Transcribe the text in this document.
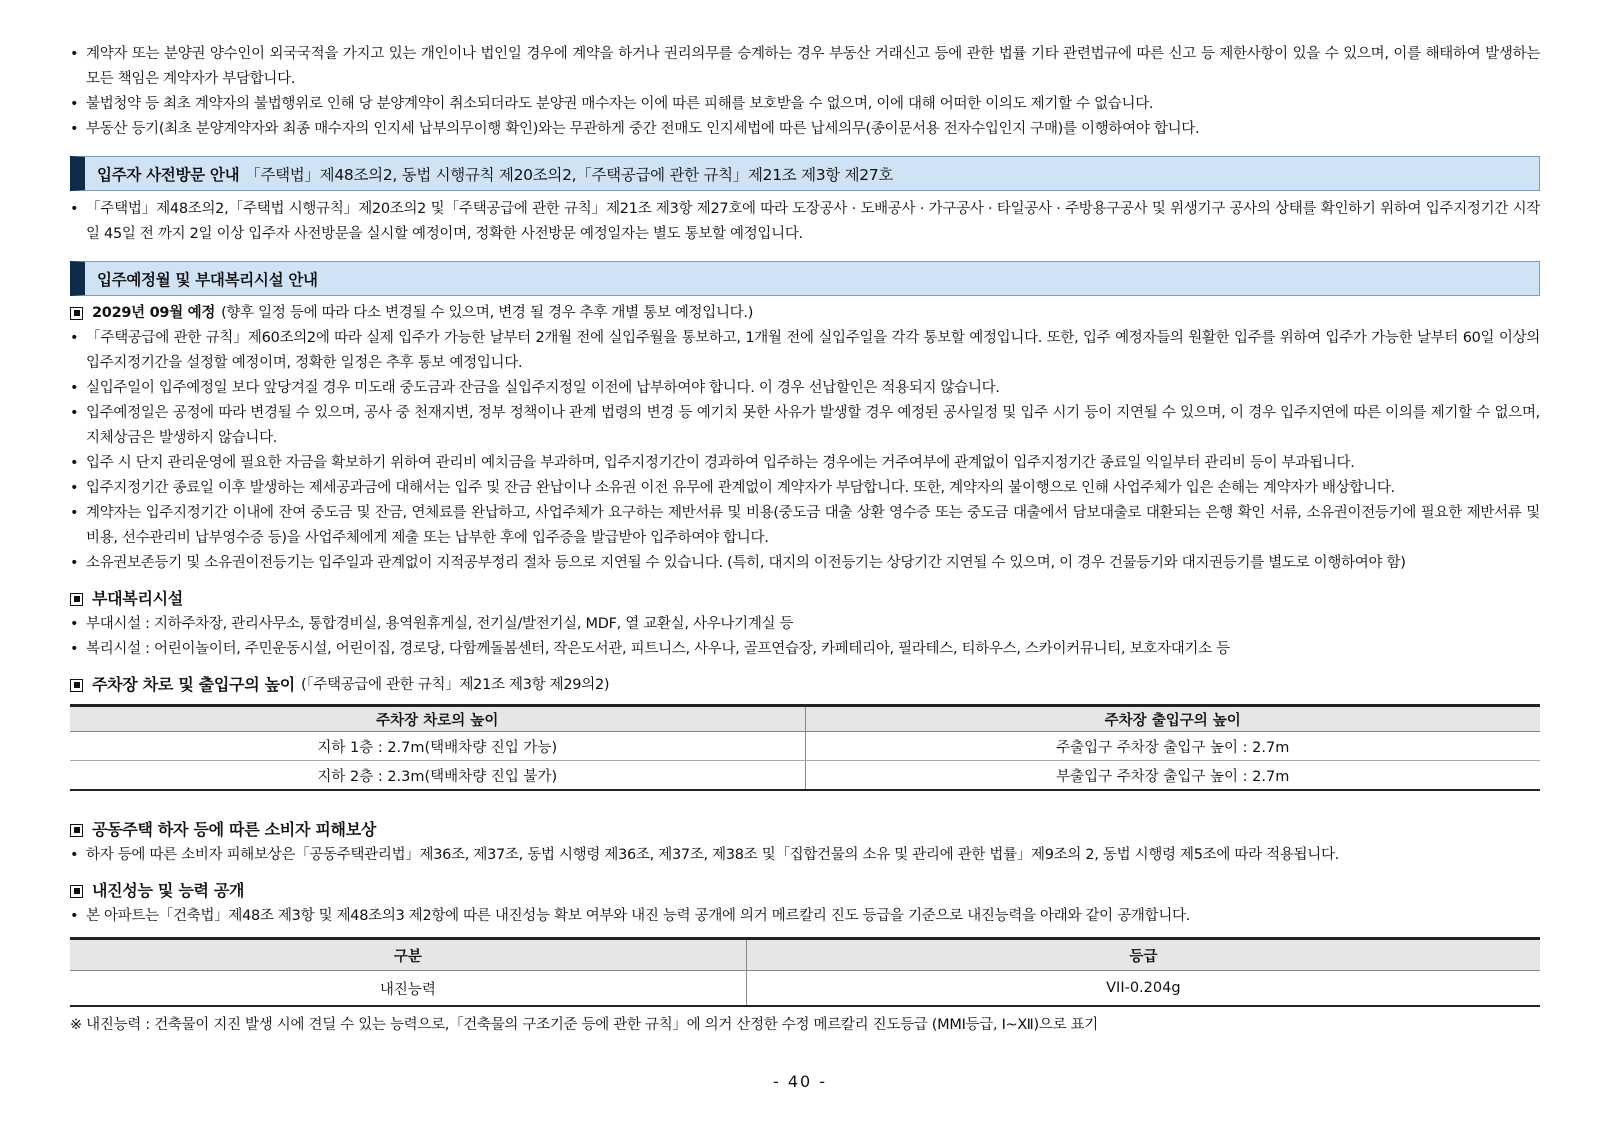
• 계약자 또는 분양권 양수인이 외국국적을 가지고 있는 개인이나 법인일 경우에 계약을 하거나 권리의무를 승계하는 경우 부동산 거래신고 등에 관한 법률 기타 관련법규에 따른 신고 등 제한사항이 있을 수 있으며, 이를 해태하여 발생하는 모든 책임은 계약자가 부담합니다.
• 불법청약 등 최초 계약자의 불법행위로 인해 당 분양계약이 취소되더라도 분양권 매수자는 이에 따른 피해를 보호받을 수 없으며, 이에 대해 어떠한 이의도 제기할 수 없습니다.
• 부동산 등기(최초 분양계약자와 최종 매수자의 인지세 납부의무이행 확인)와는 무관하게 중간 전매도 인지세법에 따른 납세의무(종이문서용 전자수입인지 구매)를 이행하여야 합니다.
입주자 사전방문 안내 「주택법」제48조의2, 동법 시행규칙 제20조의2,「주택공급에 관한 규칙」제21조 제3항 제27호
• 「주택법」제48조의2,「주택법 시행규칙」제20조의2 및「주택공급에 관한 규칙」제21조 제3항 제27호에 따라 도장공사 · 도배공사 · 가구공사 · 타일공사 · 주방용구공사 및 위생기구 공사의 상태를 확인하기 위하여 입주지정기간 시작일 45일 전 까지 2일 이상 입주자 사전방문을 실시할 예정이며, 정확한 사전방문 예정일자는 별도 통보할 예정입니다.
입주예정월 및 부대복리시설 안내
2029년 09월 예정 (향후 일정 등에 따라 다소 변경될 수 있으며, 변경 될 경우 추후 개별 통보 예정입니다.)
• 「주택공급에 관한 규칙」제60조의2에 따라 실제 입주가 가능한 날부터 2개월 전에 실입주월을 통보하고, 1개월 전에 실입주일을 각각 통보할 예정입니다. 또한, 입주 예정자들의 원활한 입주를 위하여 입주가 가능한 날부터 60일 이상의 입주지정기간을 설정할 예정이며, 정확한 일정은 추후 통보 예정입니다.
• 실입주일이 입주예정일 보다 앞당겨질 경우 미도래 중도금과 잔금을 실입주지정일 이전에 납부하여야 합니다. 이 경우 선납할인은 적용되지 않습니다.
• 입주예정일은 공정에 따라 변경될 수 있으며, 공사 중 천재지변, 정부 정책이나 관계 법령의 변경 등 예기치 못한 사유가 발생할 경우 예정된 공사일정 및 입주 시기 등이 지연될 수 있으며, 이 경우 입주지연에 따른 이의를 제기할 수 없으며, 지체상금은 발생하지 않습니다.
• 입주 시 단지 관리운영에 필요한 자금을 확보하기 위하여 관리비 예치금을 부과하며, 입주지정기간이 경과하여 입주하는 경우에는 거주여부에 관계없이 입주지정기간 종료일 익일부터 관리비 등이 부과됩니다.
• 입주지정기간 종료일 이후 발생하는 제세공과금에 대해서는 입주 및 잔금 완납이나 소유권 이전 유무에 관계없이 계약자가 부담합니다. 또한, 계약자의 불이행으로 인해 사업주체가 입은 손해는 계약자가 배상합니다.
• 계약자는 입주지정기간 이내에 잔여 중도금 및 잔금, 연체료를 완납하고, 사업주체가 요구하는 제반서류 및 비용(중도금 대출 상환 영수증 또는 중도금 대출에서 담보대출로 대환되는 은행 확인 서류, 소유권이전등기에 필요한 제반서류 및 비용, 선수관리비 납부영수증 등)을 사업주체에게 제출 또는 납부한 후에 입주증을 발급받아 입주하여야 합니다.
• 소유권보존등기 및 소유권이전등기는 입주일과 관계없이 지적공부정리 절차 등으로 지연될 수 있습니다. (특히, 대지의 이전등기는 상당기간 지연될 수 있으며, 이 경우 건물등기와 대지권등기를 별도로 이행하여야 함)
부대복리시설
• 부대시설 : 지하주차장, 관리사무소, 통합경비실, 용역원휴게실, 전기실/발전기실, MDF, 열 교환실, 사우나기계실 등
• 복리시설 : 어린이놀이터, 주민운동시설, 어린이집, 경로당, 다함께돌봄센터, 작은도서관, 피트니스, 사우나, 골프연습장, 카페테리아, 필라테스, 티하우스, 스카이커뮤니티, 보호자대기소 등
주차장 차로 및 출입구의 높이 (「주택공급에 관한 규칙」제21조 제3항 제29의2)
주차장 차로의 높이	주차장 출입구의 높이
지하 1층 : 2.7m(택배차량 진입 가능)	주출입구 주차장 출입구 높이 : 2.7m
지하 2층 : 2.3m(택배차량 진입 불가)	부출입구 주차장 출입구 높이 : 2.7m
공동주택 하자 등에 따른 소비자 피해보상
• 하자 등에 따른 소비자 피해보상은「공동주택관리법」제36조, 제37조, 동법 시행령 제36조, 제37조, 제38조 및「집합건물의 소유 및 관리에 관한 법률」제9조의 2, 동법 시행령 제5조에 따라 적용됩니다.
내진성능 및 능력 공개
• 본 아파트는「건축법」제48조 제3항 및 제48조의3 제2항에 따른 내진성능 확보 여부와 내진 능력 공개에 의거 메르칼리 진도 등급을 기준으로 내진능력을 아래와 같이 공개합니다.
구분	등급
내진능력	VII-0.204g
※ 내진능력 : 건축물이 지진 발생 시에 견딜 수 있는 능력으로,「건축물의 구조기준 등에 관한 규칙」에 의거 산정한 수정 메르칼리 진도등급 (MMI등급, Ⅰ~Ⅻ)으로 표기
- 40 -
